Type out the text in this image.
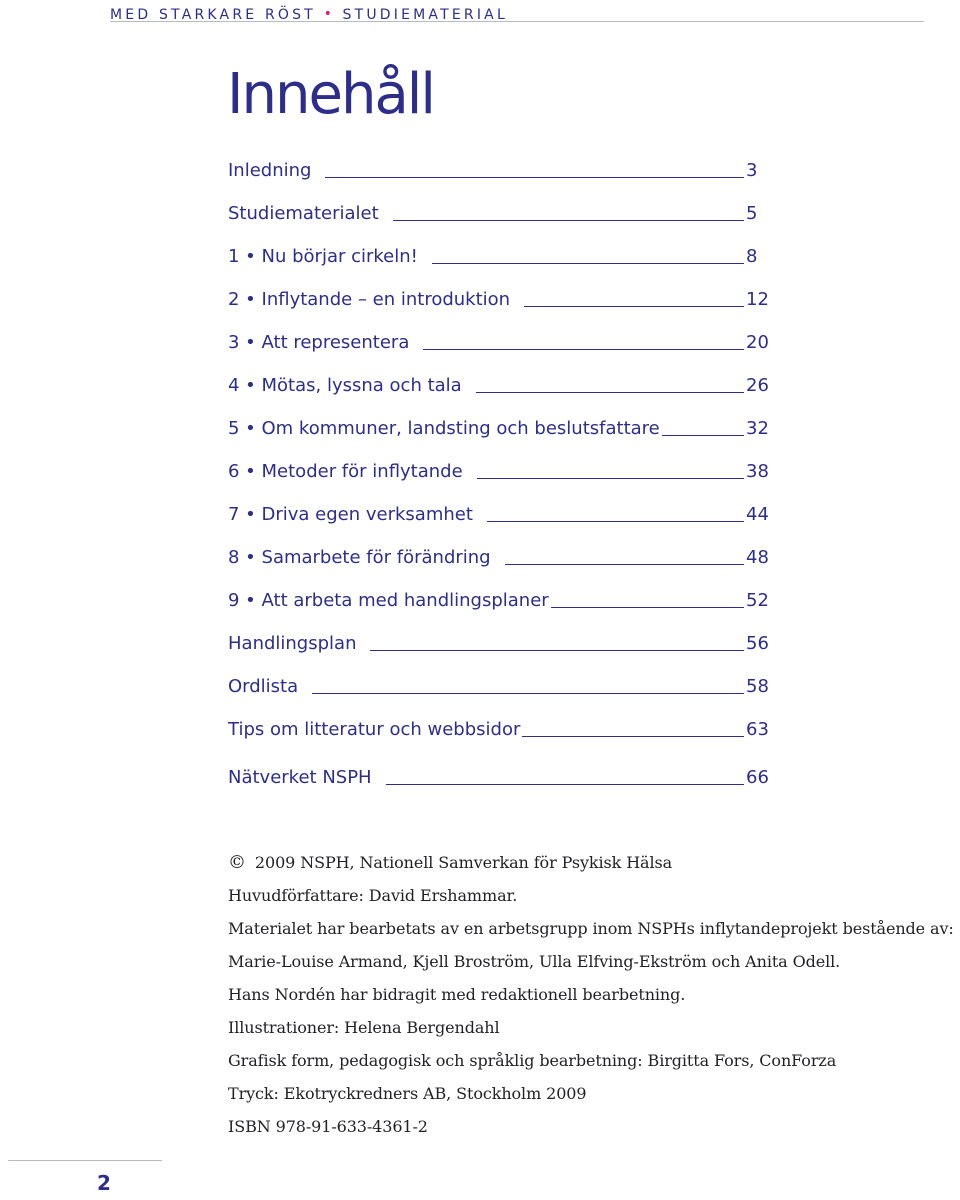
MED STARKARE RÖST • STUDIEMATERIAL
Innehåll
Inledning	3
Studiematerialet	5
1 • Nu börjar cirkeln!	8
2 • Inflytande – en introduktion	12
3 • Att representera	20
4 • Mötas, lyssna och tala	26
5 • Om kommuner, landsting och beslutsfattare	32
6 • Metoder för inflytande	38
7 • Driva egen verksamhet	44
8 • Samarbete för förändring	48
9 • Att arbeta med handlingsplaner	52
Handlingsplan	56
Ordlista	58
Tips om litteratur och webbsidor	63
Nätverket NSPH	66
© 2009 NSPH, Nationell Samverkan för Psykisk Hälsa
Huvudförfattare: David Ershammar.
Materialet har bearbetats av en arbetsgrupp inom NSPHs inflytandeprojekt bestående av:
Marie-Louise Armand, Kjell Broström, Ulla Elfving-Ekström och Anita Odell.
Hans Nordén har bidragit med redaktionell bearbetning.
Illustrationer: Helena Bergendahl
Grafisk form, pedagogisk och språklig bearbetning: Birgitta Fors, ConForza
Tryck: Ekotryckredners AB, Stockholm 2009
ISBN 978-91-633-4361-2
2
